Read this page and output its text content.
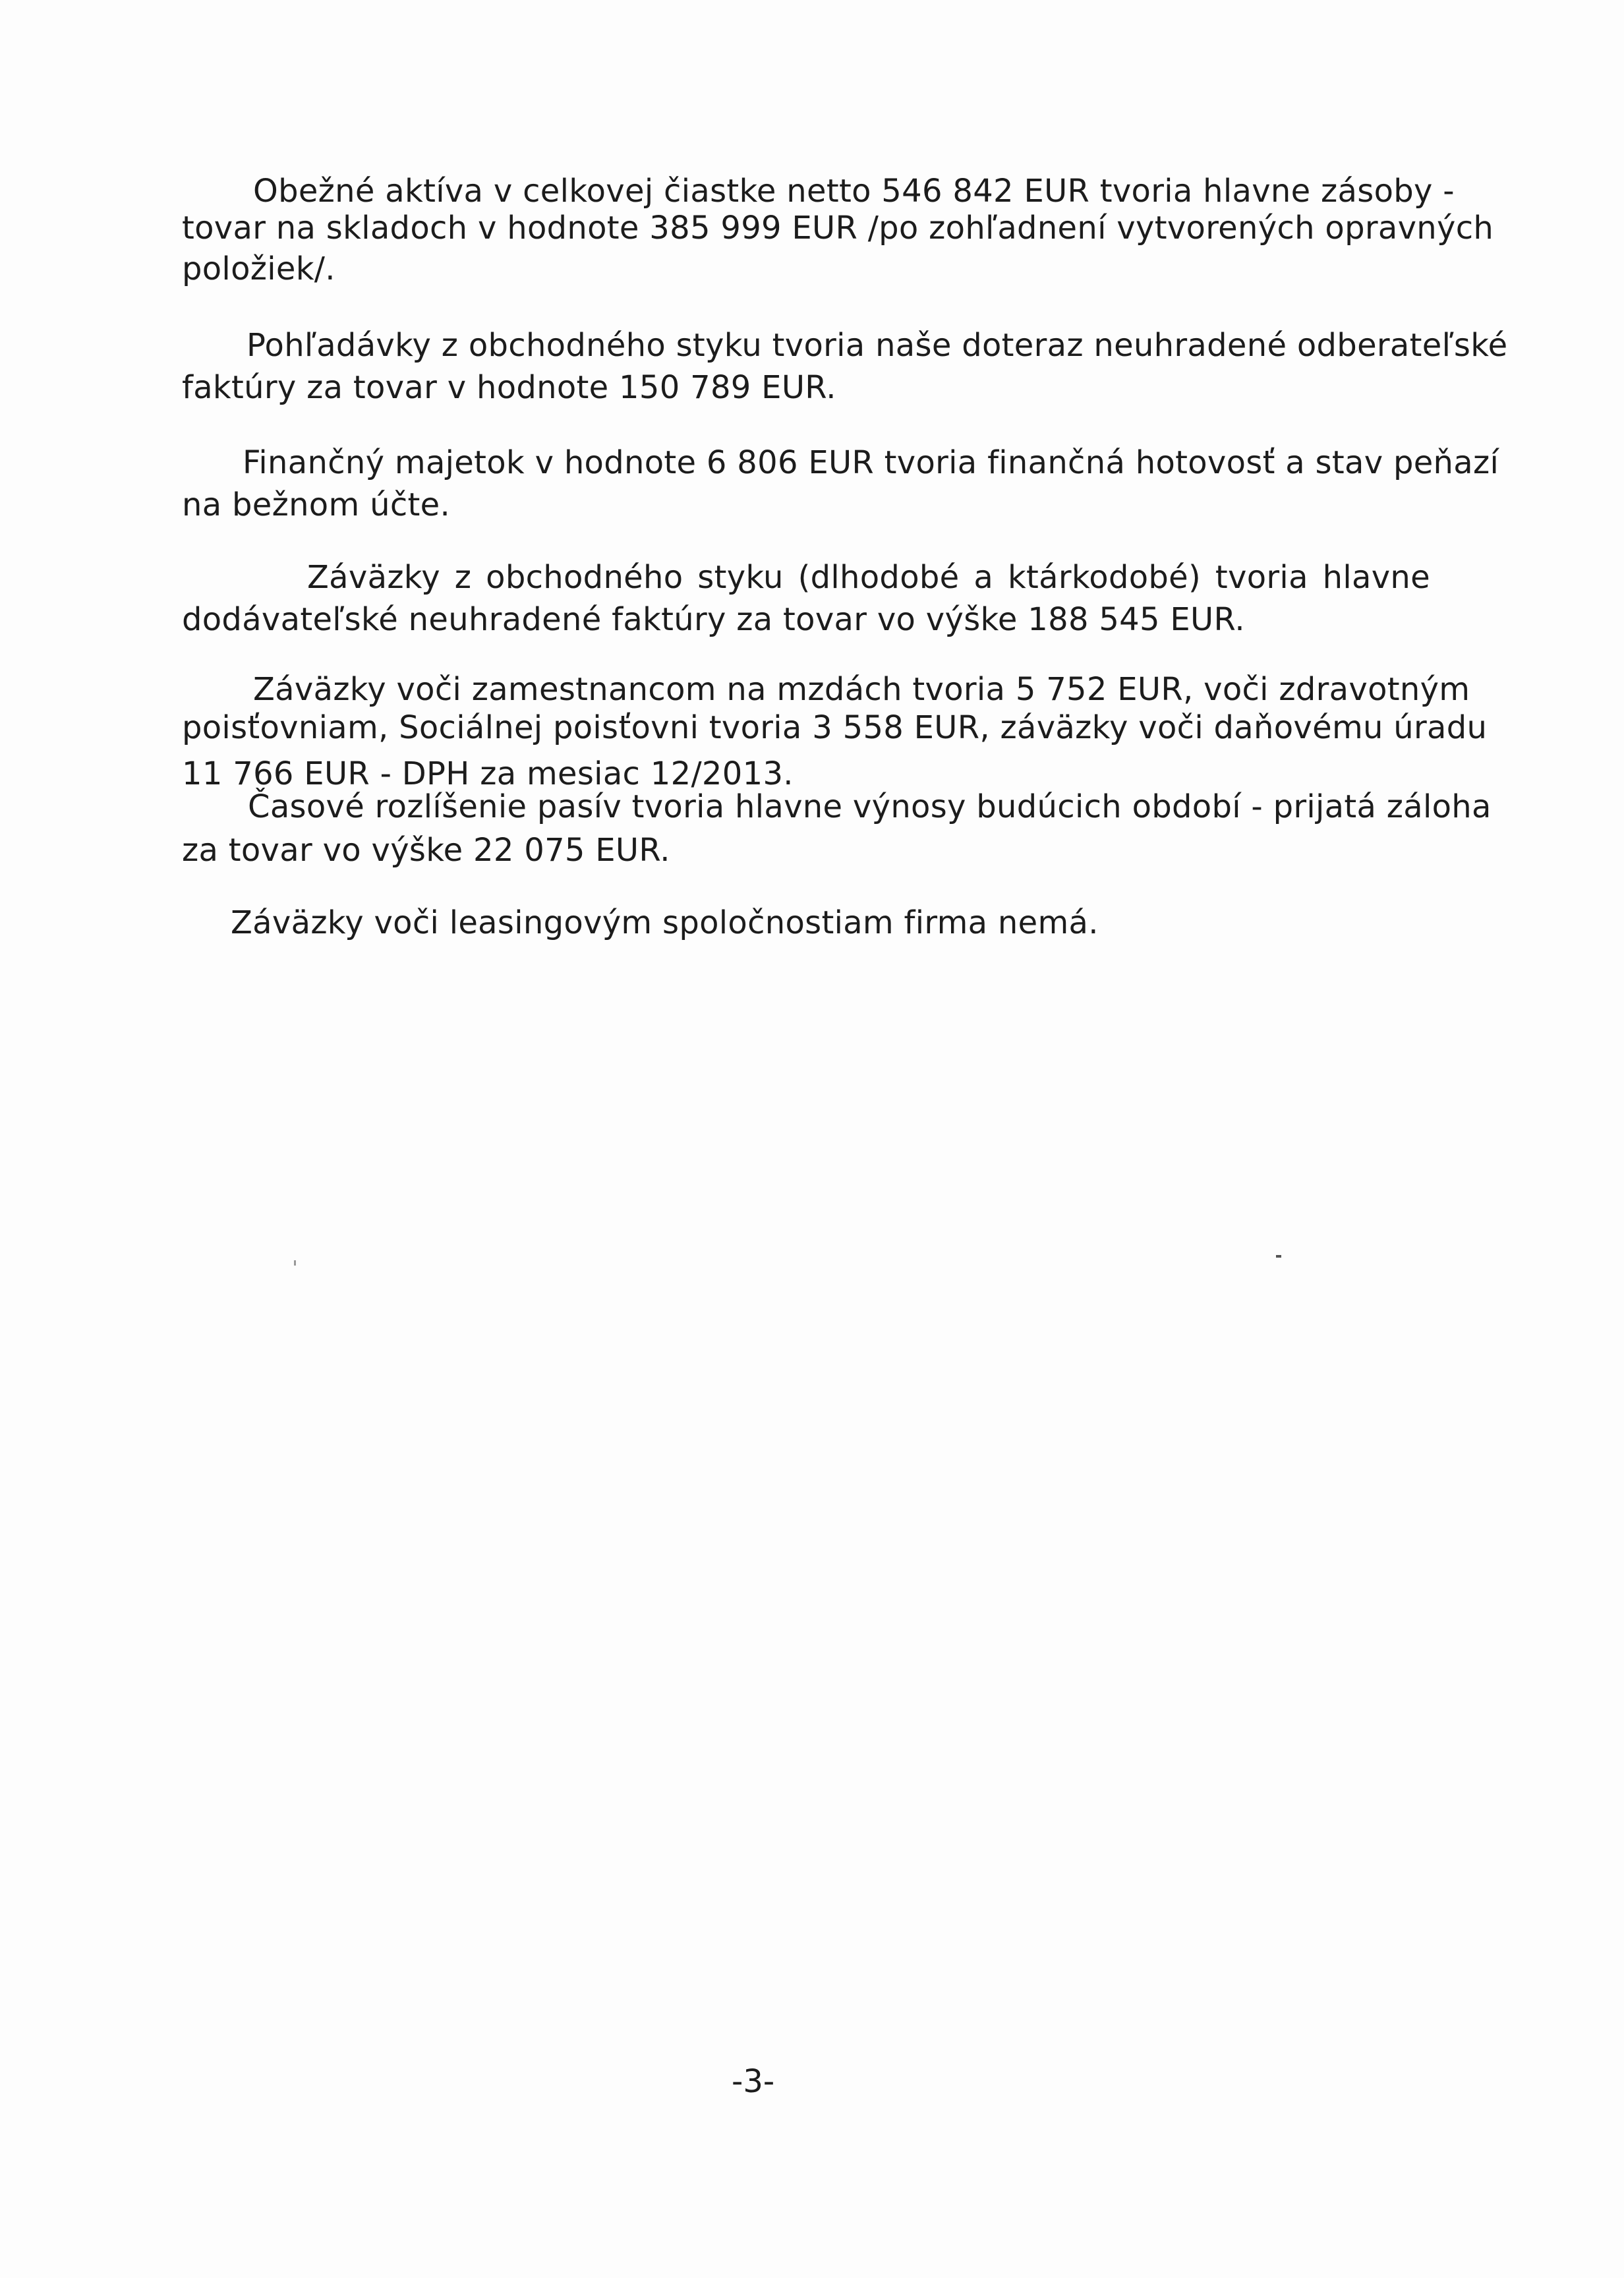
Obežné aktíva v celkovej čiastke netto 546 842 EUR tvoria hlavne zásoby -
tovar na skladoch v hodnote 385 999 EUR /po zohľadnení vytvorených opravných
položiek/.
Pohľadávky z obchodného styku tvoria naše doteraz neuhradené odberateľské
faktúry za tovar v hodnote 150 789 EUR.
Finančný majetok v hodnote 6 806 EUR tvoria finančná hotovosť a stav peňazí
na bežnom účte.
Záväzky z obchodného styku (dlhodobé a ktárkodobé) tvoria hlavne
dodávateľské neuhradené faktúry za tovar vo výške 188 545 EUR.
Záväzky voči zamestnancom na mzdách tvoria 5 752 EUR, voči zdravotným
poisťovniam, Sociálnej poisťovni tvoria 3 558 EUR, záväzky voči daňovému úradu
11 766 EUR - DPH za mesiac 12/2013.
Časové rozlíšenie pasív tvoria hlavne výnosy budúcich období - prijatá záloha
za tovar vo výške 22 075 EUR.
Záväzky voči leasingovým spoločnostiam firma nemá.
-3-
